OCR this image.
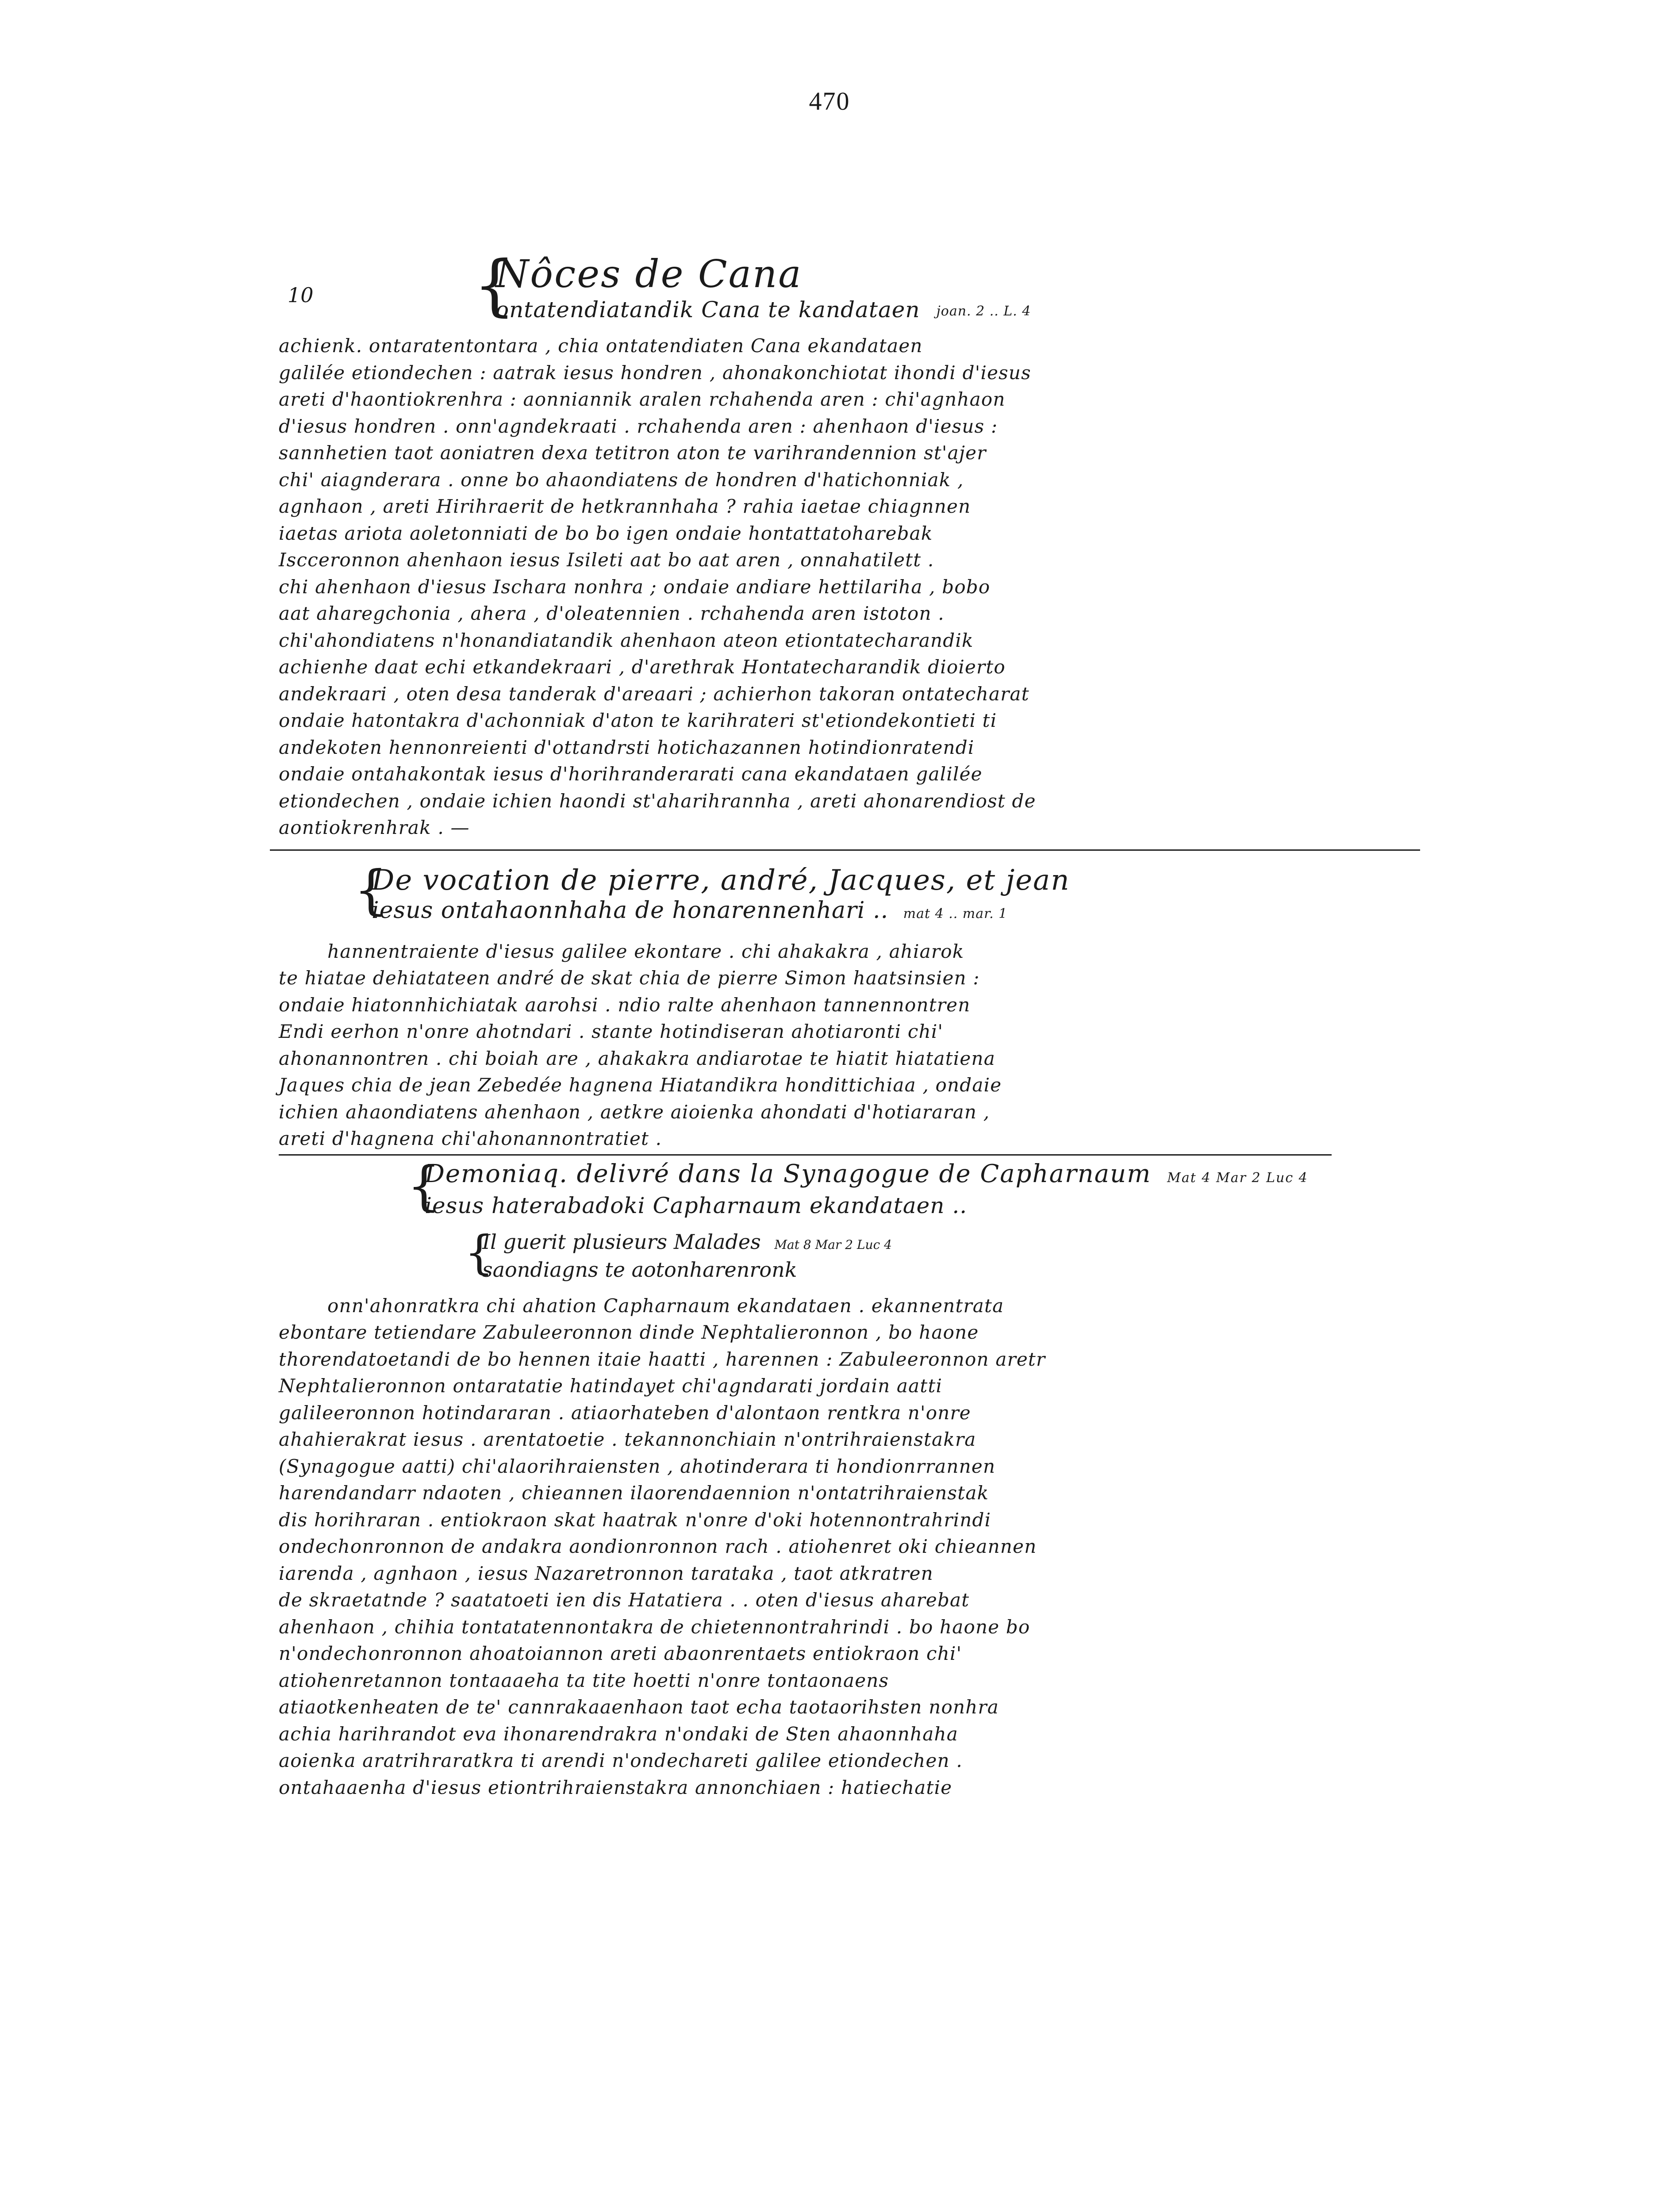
470
10 {
Nôces de Cana
ontatendiatandik Cana te kandataen joan. 2 .. L. 4

achienk. ontaratentontara , chia ontatendiaten Cana ekandataen

galilée etiondechen : aatrak iesus hondren , ahonakonchiotat ihondi d'iesus

areti d'haontiokrenhra : aonniannik aralen rchahenda aren : chi'agnhaon

d'iesus hondren . onn'agndekraati . rchahenda aren : ahenhaon d'iesus :

sannhetien taot aoniatren dexa tetitron aton te varihrandennion st'ajer

chi' aiagnderara . onne bo ahaondiatens de hondren d'hatichonniak ,

agnhaon , areti Hirihraerit de hetkrannhaha ? rahia iaetae chiagnnen

iaetas ariota aoletonniati de bo bo igen ondaie hontattatoharebak

Iscceronnon ahenhaon iesus Isileti aat bo aat aren , onnahatilett .

chi ahenhaon d'iesus Ischara nonhra ; ondaie andiare hettilariha , bobo

aat aharegchonia , ahera , d'oleatennien . rchahenda aren istoton .

chi'ahondiatens n'honandiatandik ahenhaon ateon etiontatecharandik

achienhe daat echi etkandekraari , d'arethrak Hontatecharandik dioierto

andekraari , oten desa tanderak d'areaari ; achierhon takoran ontatecharat

ondaie hatontakra d'achonniak d'aton te karihrateri st'etiondekontieti ti

andekoten hennonreienti d'ottandrsti hotichazannen hotindionratendi

ondaie ontahakontak iesus d'horihranderarati cana ekandataen galilée

etiondechen , ondaie ichien haondi st'aharihrannha , areti ahonarendiost de

aontiokrenhrak . —

{
De vocation de pierre, andré, Jacques, et jean
iesus ontahaonnhaha de honarennenhari .. mat 4 .. mar. 1

hannentraiente d'iesus galilee ekontare . chi ahakakra , ahiarok

te hiatae dehiatateen andré de skat chia de pierre Simon haatsinsien :

ondaie hiatonnhichiatak aarohsi . ndio ralte ahenhaon tannennontren

Endi eerhon n'onre ahotndari . stante hotindiseran ahotiaronti chi'

ahonannontren . chi boiah are , ahakakra andiarotae te hiatit hiatatiena

Jaques chia de jean Zebedée hagnena Hiatandikra hondittichiaa , ondaie

ichien ahaondiatens ahenhaon , aetkre aioienka ahondati d'hotiararan ,

areti d'hagnena chi'ahonannontratiet .

{
Demoniaq. delivré dans la Synagogue de Capharnaum Mat 4 Mar 2 Luc 4
iesus haterabadoki Capharnaum ekandataen ..
{
Il guerit plusieurs Malades Mat 8 Mar 2 Luc 4
saondiagns te aotonharenronk

onn'ahonratkra chi ahation Capharnaum ekandataen . ekannentrata

ebontare tetiendare Zabuleeronnon dinde Nephtalieronnon , bo haone

thorendatoetandi de bo hennen itaie haatti , harennen : Zabuleeronnon aretr

Nephtalieronnon ontaratatie hatindayet chi'agndarati jordain aatti

galileeronnon hotindararan . atiaorhateben d'alontaon rentkra n'onre

ahahierakrat iesus . arentatoetie . tekannonchiain n'ontrihraienstakra

(Synagogue aatti) chi'alaorihraiensten , ahotinderara ti hondionrrannen

harendandarr ndaoten , chieannen ilaorendaennion n'ontatrihraienstak

dis horihraran . entiokraon skat haatrak n'onre d'oki hotennontrahrindi

ondechonronnon de andakra aondionronnon rach . atiohenret oki chieannen

iarenda , agnhaon , iesus Nazaretronnon tarataka , taot atkratren

de skraetatnde ? saatatoeti ien dis Hatatiera . . oten d'iesus aharebat

ahenhaon , chihia tontatatennontakra de chietennontrahrindi . bo haone bo

n'ondechonronnon ahoatoiannon areti abaonrentaets entiokraon chi'

atiohenretannon tontaaaeha ta tite hoetti n'onre tontaonaens

atiaotkenheaten de te' cannrakaaenhaon taot echa taotaorihsten nonhra

achia harihrandot eva ihonarendrakra n'ondaki de Sten ahaonnhaha

aoienka aratrihraratkra ti arendi n'ondechareti galilee etiondechen .

ontahaaenha d'iesus etiontrihraienstakra annonchiaen : hatiechatie
